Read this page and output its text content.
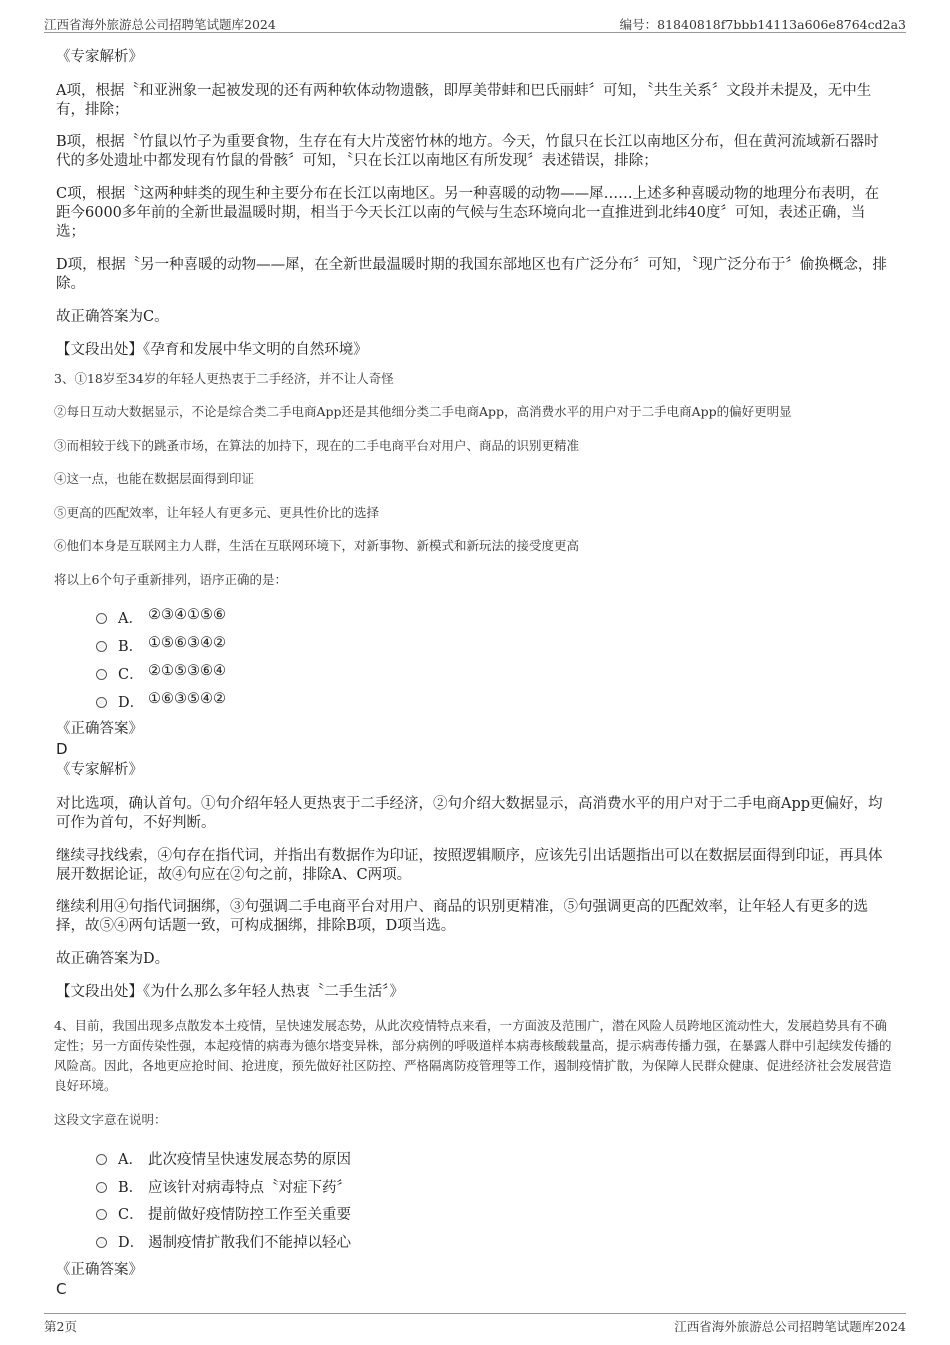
江西省海外旅游总公司招聘笔试题库2024	编号：81840818f7bbb14113a606e8764cd2a3
《专家解析》
A项，根据〝和亚洲象一起被发现的还有两种软体动物遗骸，即厚美带蚌和巴氏丽蚌〞可知，〝共生关系〞文段并未提及，无中生有，排除；
B项，根据〝竹鼠以竹子为重要食物，生存在有大片茂密竹林的地方。今天，竹鼠只在长江以南地区分布，但在黄河流域新石器时代的多处遗址中都发现有竹鼠的骨骸〞可知，〝只在长江以南地区有所发现〞表述错误，排除；
C项，根据〝这两种蚌类的现生种主要分布在长江以南地区。另一种喜暖的动物——犀……上述多种喜暖动物的地理分布表明，在距今6000多年前的全新世最温暖时期，相当于今天长江以南的气候与生态环境向北一直推进到北纬40度〞可知，表述正确，当选；
D项，根据〝另一种喜暖的动物——犀，在全新世最温暖时期的我国东部地区也有广泛分布〞可知，〝现广泛分布于〞偷换概念，排除。
故正确答案为C。
【文段出处】《孕育和发展中华文明的自然环境》
3、①18岁至34岁的年轻人更热衷于二手经济，并不让人奇怪
②每日互动大数据显示，不论是综合类二手电商App还是其他细分类二手电商App，高消费水平的用户对于二手电商App的偏好更明显
③而相较于线下的跳蚤市场，在算法的加持下，现在的二手电商平台对用户、商品的识别更精准
④这一点，也能在数据层面得到印证
⑤更高的匹配效率，让年轻人有更多元、更具性价比的选择
⑥他们本身是互联网主力人群，生活在互联网环境下，对新事物、新模式和新玩法的接受度更高
将以上6个句子重新排列，语序正确的是：
A． ②③④①⑤⑥
B． ①⑤⑥③④②
C． ②①⑤③⑥④
D． ①⑥③⑤④②
《正确答案》
D
《专家解析》
对比选项，确认首句。①句介绍年轻人更热衷于二手经济，②句介绍大数据显示，高消费水平的用户对于二手电商App更偏好，均可作为首句，不好判断。
继续寻找线索，④句存在指代词，并指出有数据作为印证，按照逻辑顺序，应该先引出话题指出可以在数据层面得到印证，再具体展开数据论证，故④句应在②句之前，排除A、C两项。
继续利用④句指代词捆绑，③句强调二手电商平台对用户、商品的识别更精准，⑤句强调更高的匹配效率，让年轻人有更多的选择，故⑤④两句话题一致，可构成捆绑，排除B项，D项当选。
故正确答案为D。
【文段出处】《为什么那么多年轻人热衷〝二手生活〞》
4、目前，我国出现多点散发本土疫情，呈快速发展态势，从此次疫情特点来看，一方面波及范围广，潜在风险人员跨地区流动性大，发展趋势具有不确定性；另一方面传染性强，本起疫情的病毒为德尔塔变异株，部分病例的呼吸道样本病毒核酸载量高，提示病毒传播力强，在暴露人群中引起续发传播的风险高。因此，各地更应抢时间、抢进度，预先做好社区防控、严格隔离防疫管理等工作，遏制疫情扩散，为保障人民群众健康、促进经济社会发展营造良好环境。
这段文字意在说明：
A． 此次疫情呈快速发展态势的原因
B． 应该针对病毒特点〝对症下药〞
C． 提前做好疫情防控工作至关重要
D． 遏制疫情扩散我们不能掉以轻心
《正确答案》
C
第2页	江西省海外旅游总公司招聘笔试题库2024
